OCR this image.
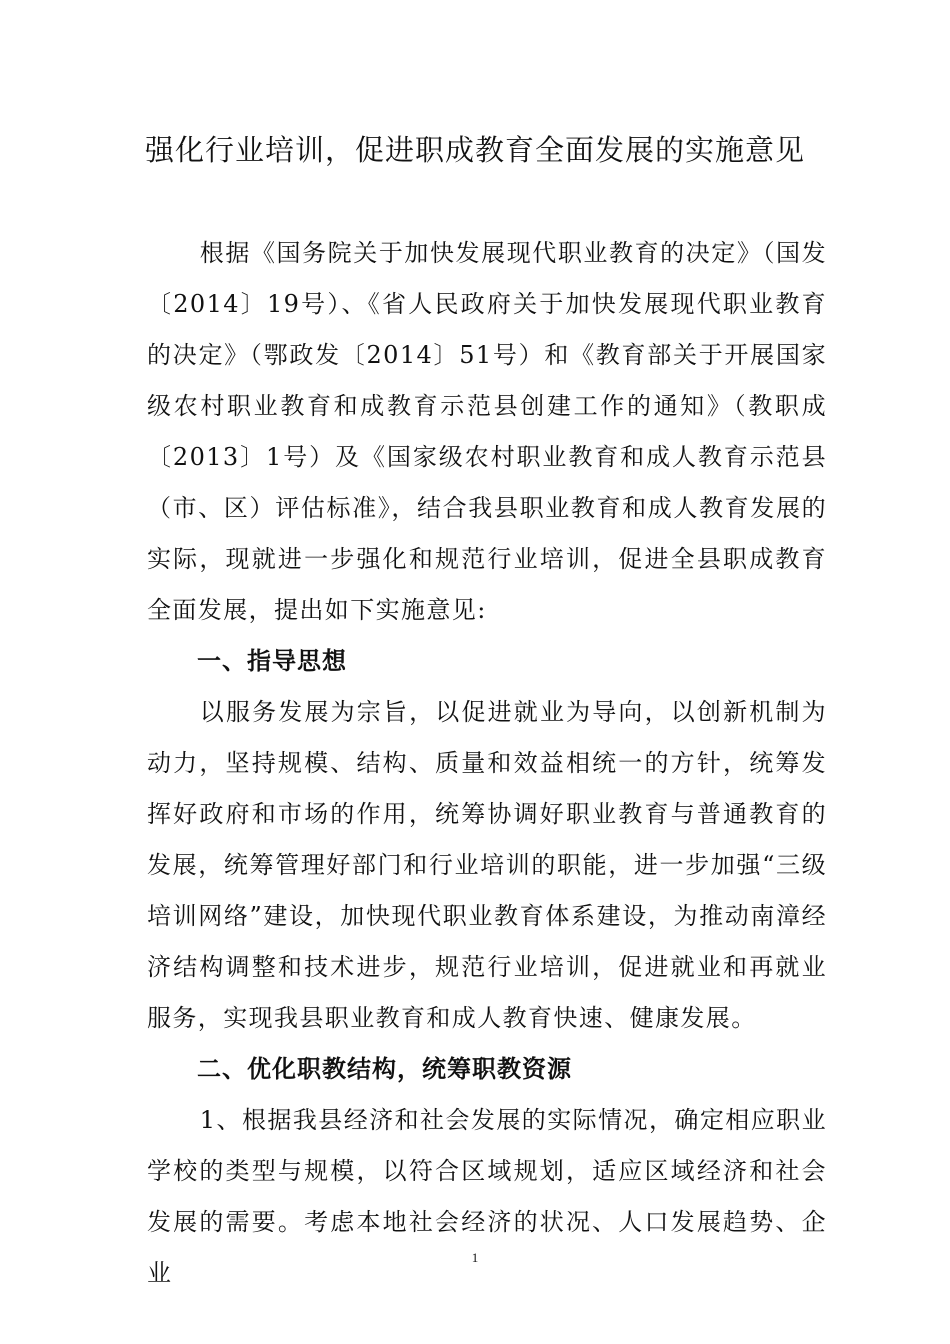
强化行业培训，促进职成教育全面发展的实施意见

根据《国务院关于加快发展现代职业教育的决定》（国发〔2014〕19号）、《省人民政府关于加快发展现代职业教育的决定》（鄂政发〔2014〕51号）和《教育部关于开展国家级农村职业教育和成教育示范县创建工作的通知》（教职成〔2013〕1号）及《国家级农村职业教育和成人教育示范县（市、区）评估标准》，结合我县职业教育和成人教育发展的实际，现就进一步强化和规范行业培训，促进全县职成教育全面发展，提出如下实施意见:

一、指导思想

以服务发展为宗旨，以促进就业为导向，以创新机制为动力，坚持规模、结构、质量和效益相统一的方针，统筹发挥好政府和市场的作用，统筹协调好职业教育与普通教育的发展，统筹管理好部门和行业培训的职能，进一步加强“三级培训网络”建设，加快现代职业教育体系建设，为推动南漳经济结构调整和技术进步，规范行业培训，促进就业和再就业服务，实现我县职业教育和成人教育快速、健康发展。

二、优化职教结构，统筹职教资源

1、根据我县经济和社会发展的实际情况，确定相应职业学校的类型与规模，以符合区域规划，适应区域经济和社会发展的需要。考虑本地社会经济的状况、人口发展趋势、企业

1
